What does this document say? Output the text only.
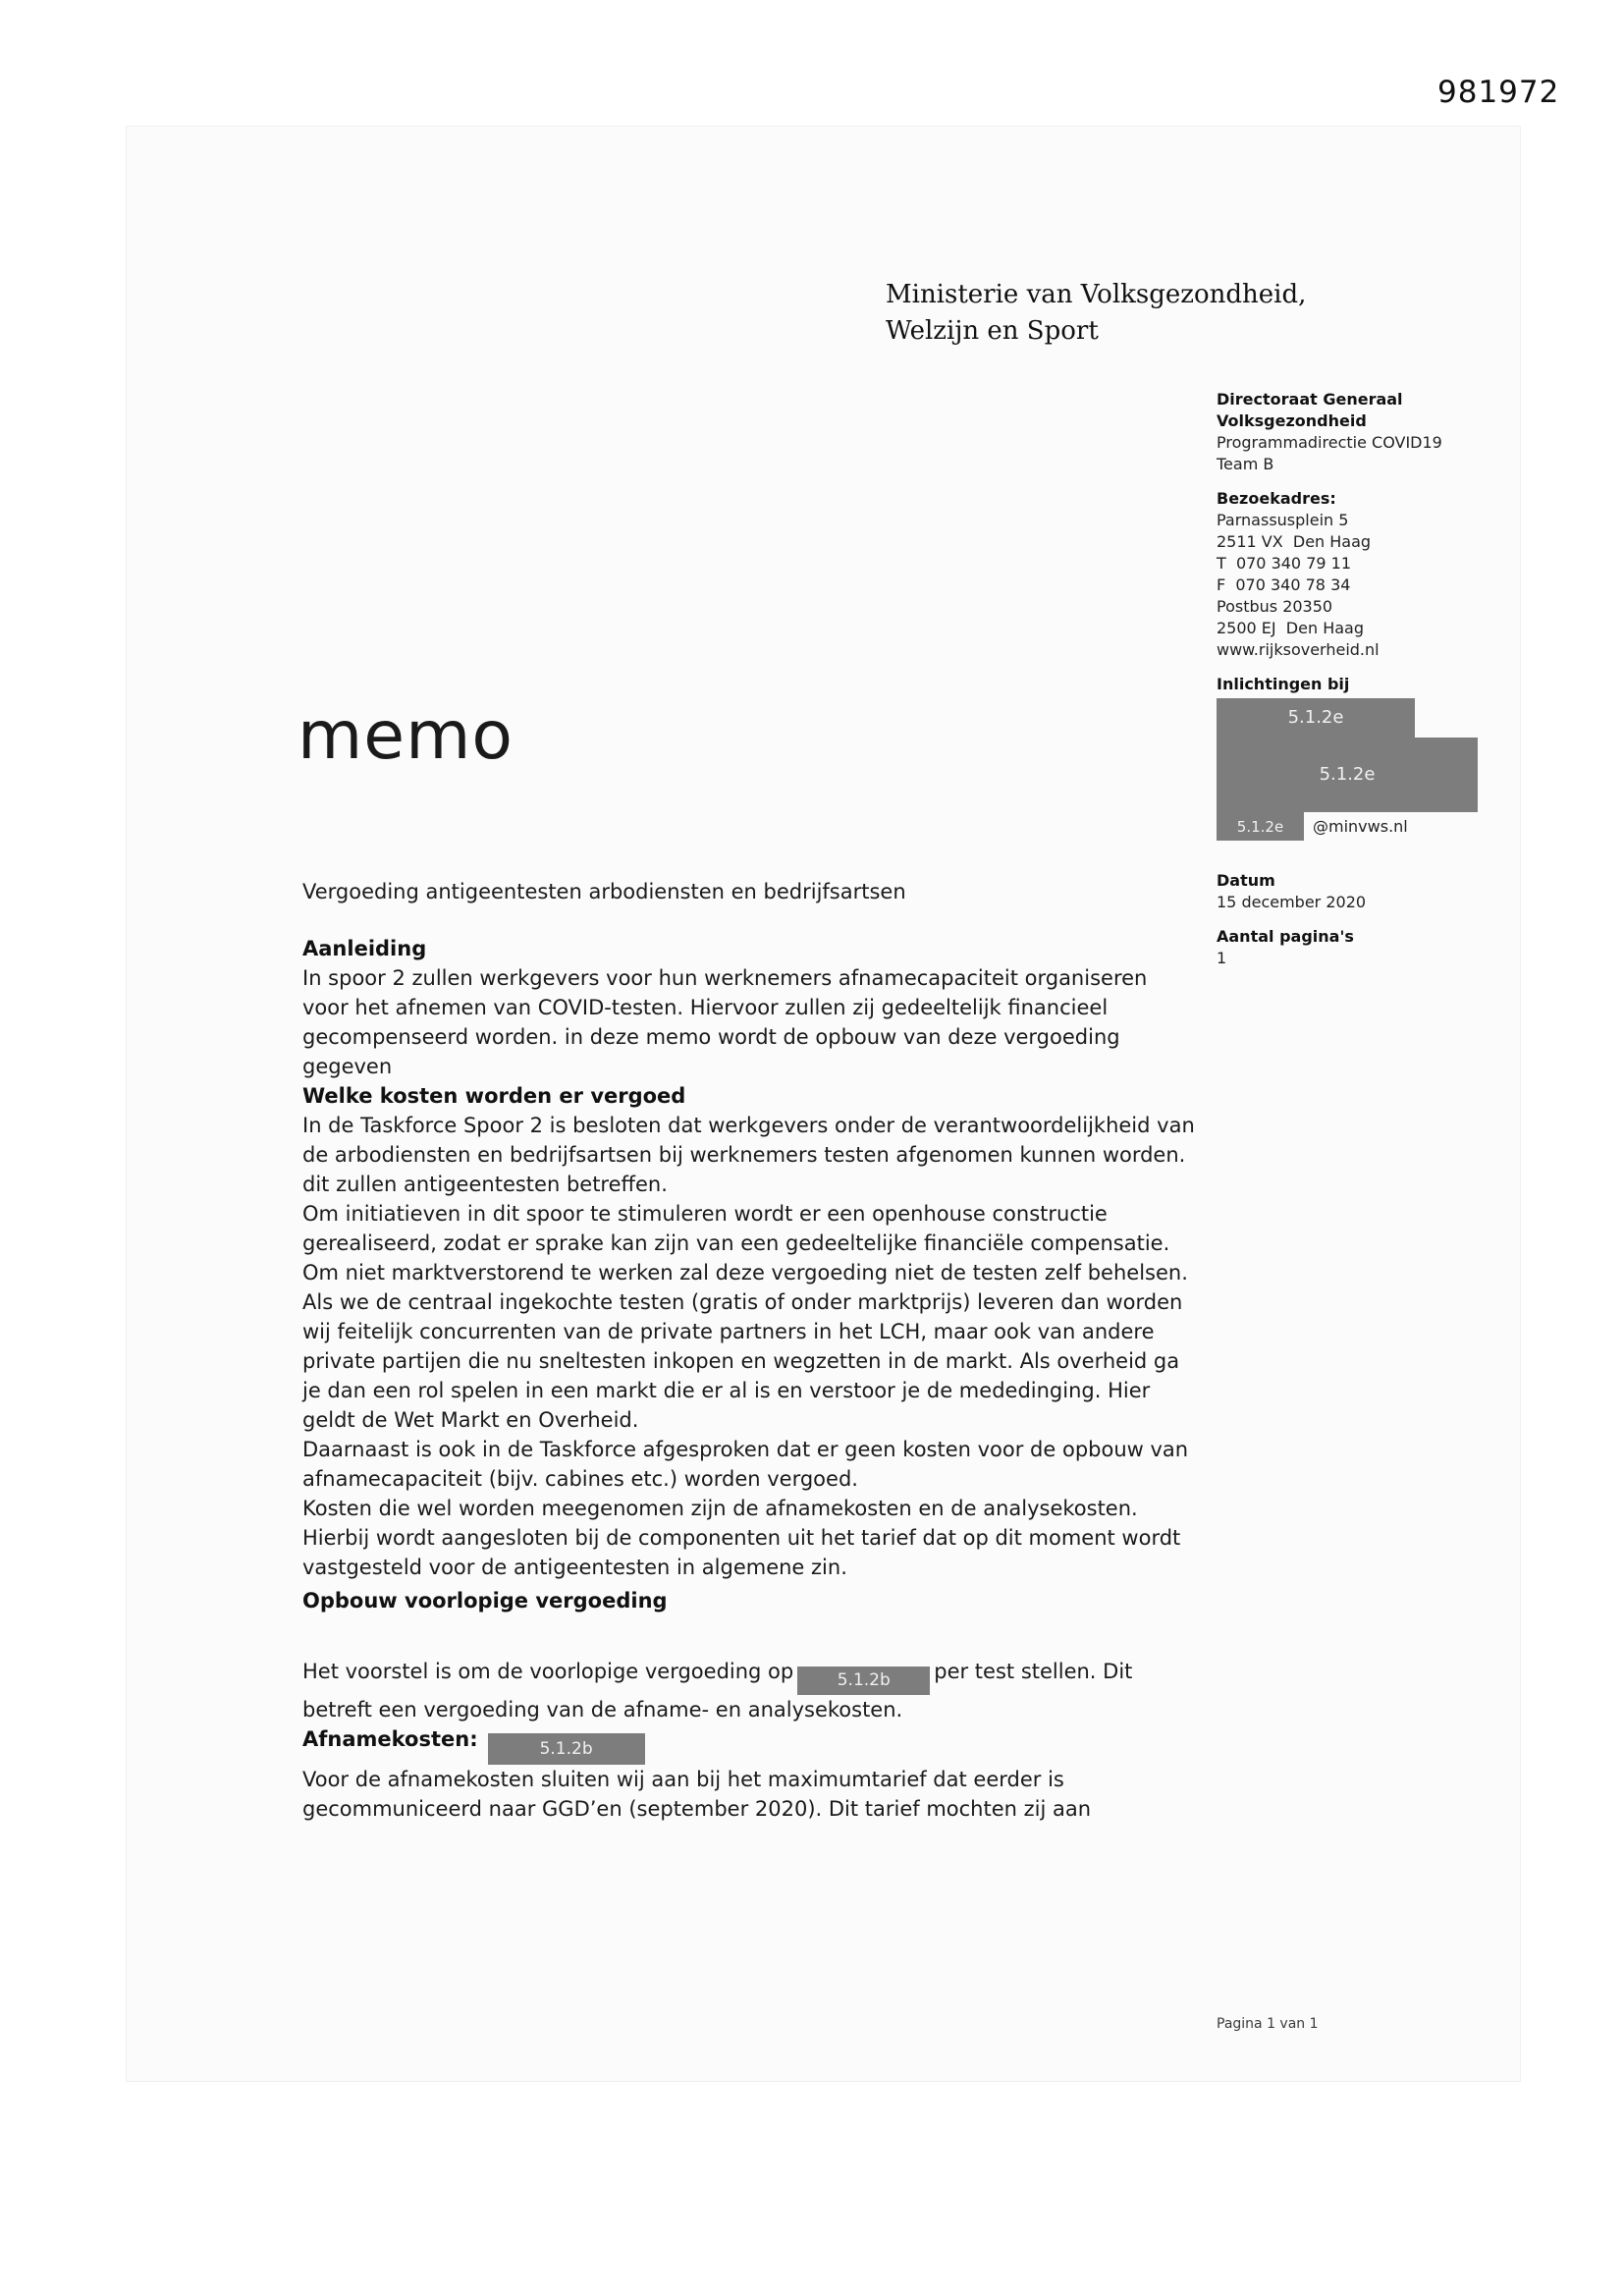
981972
Ministerie van Volksgezondheid,
Welzijn en Sport
Directoraat Generaal
Volksgezondheid
Programmadirectie COVID19
Team B
Bezoekadres:
Parnassusplein 5
2511 VX  Den Haag
T  070 340 79 11
F  070 340 78 34
Postbus 20350
2500 EJ  Den Haag
www.rijksoverheid.nl
Inlichtingen bij
5.1.2e
5.1.2e
5.1.2e	@minvws.nl
Datum
15 december 2020
Aantal pagina's
1
memo
Vergoeding antigeentesten arbodiensten en bedrijfsartsen
Aanleiding

In spoor 2 zullen werkgevers voor hun werknemers afnamecapaciteit organiseren voor het afnemen van COVID-testen. Hiervoor zullen zij gedeeltelijk financieel gecompenseerd worden. in deze memo wordt de opbouw van deze vergoeding gegeven

Welke kosten worden er vergoed

In de Taskforce Spoor 2 is besloten dat werkgevers onder de verantwoordelijkheid van de arbodiensten en bedrijfsartsen bij werknemers testen afgenomen kunnen worden. dit zullen antigeentesten betreffen.

Om initiatieven in dit spoor te stimuleren wordt er een openhouse constructie gerealiseerd, zodat er sprake kan zijn van een gedeeltelijke financiële compensatie.

Om niet marktverstorend te werken zal deze vergoeding niet de testen zelf behelsen. Als we de centraal ingekochte testen (gratis of onder marktprijs) leveren dan worden wij feitelijk concurrenten van de private partners in het LCH, maar ook van andere private partijen die nu sneltesten inkopen en wegzetten in de markt. Als overheid ga je dan een rol spelen in een markt die er al is en verstoor je de mededinging. Hier geldt de Wet Markt en Overheid.

Daarnaast is ook in de Taskforce afgesproken dat er geen kosten voor de opbouw van afnamecapaciteit (bijv. cabines etc.) worden vergoed.

Kosten die wel worden meegenomen zijn de afnamekosten en de analysekosten. Hierbij wordt aangesloten bij de componenten uit het tarief dat op dit moment wordt vastgesteld voor de antigeentesten in algemene zin.

Opbouw voorlopige vergoeding

Het voorstel is om de voorlopige vergoeding op	5.1.2b per test stellen. Dit betreft een vergoeding van de afname- en analysekosten.

Afnamekosten:	5.1.2b

Voor de afnamekosten sluiten wij aan bij het maximumtarief dat eerder is gecommuniceerd naar GGD’en (september 2020). Dit tarief mochten zij aan

Pagina 1 van 1
